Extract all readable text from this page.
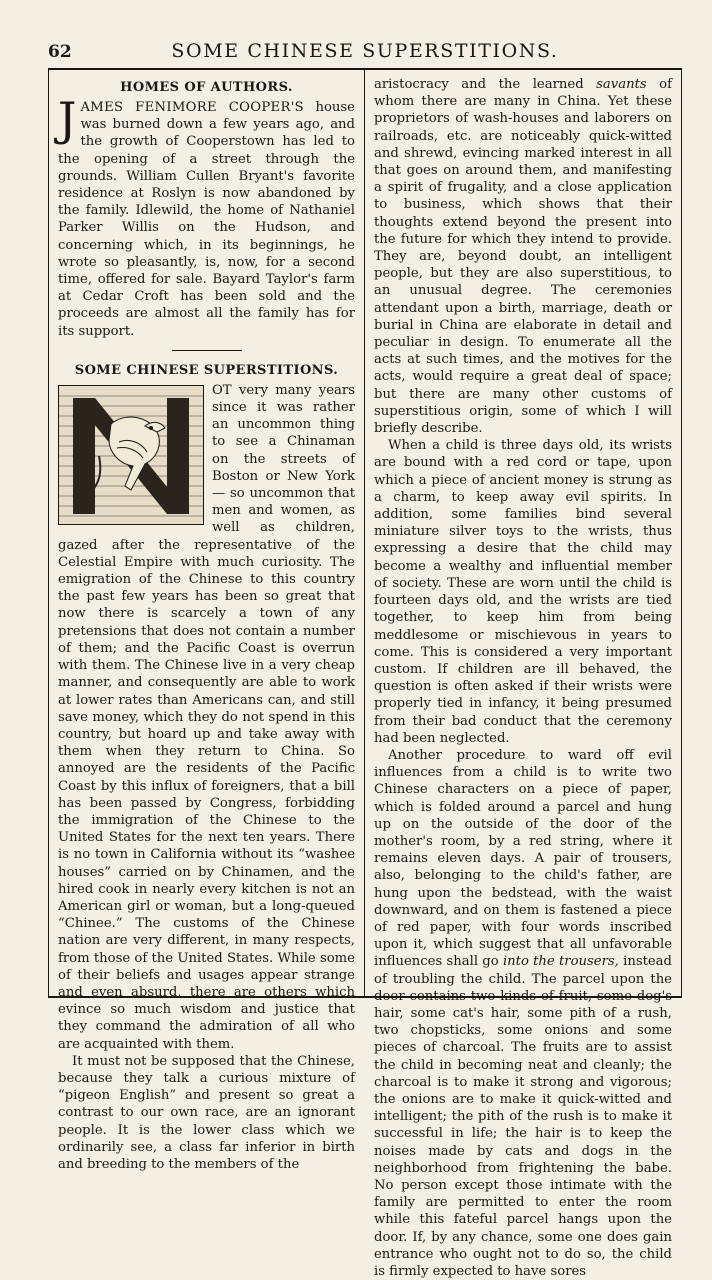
62	SOME CHINESE SUPERSTITIONS.
HOMES OF AUTHORS.

JAMES FENIMORE COOPER'S house was burned down a few years ago, and the growth of Cooperstown has led to the opening of a street through the grounds. William Cullen Bryant's favorite residence at Roslyn is now abandoned by the family. Idlewild, the home of Nathaniel Parker Willis on the Hudson, and concerning which, in its beginnings, he wrote so pleasantly, is, now, for a second time, offered for sale. Bayard Taylor's farm at Cedar Croft has been sold and the proceeds are almost all the family has for its support.

SOME CHINESE SUPERSTITIONS.

OT very many years since it was rather an uncommon thing to see a Chinaman on the streets of Boston or New York — so uncommon that men and women, as well as children, gazed after the representative of the Celestial Empire with much curiosity. The emigration of the Chinese to this country the past few years has been so great that now there is scarcely a town of any pretensions that does not contain a number of them; and the Pacific Coast is overrun with them. The Chinese live in a very cheap manner, and consequently are able to work at lower rates than Americans can, and still save money, which they do not spend in this country, but hoard up and take away with them when they return to China. So annoyed are the residents of the Pacific Coast by this influx of foreigners, that a bill has been passed by Congress, forbidding the immigration of the Chinese to the United States for the next ten years. There is no town in California without its “washee houses” carried on by Chinamen, and the hired cook in nearly every kitchen is not an American girl or woman, but a long-queued “Chinee.” The customs of the Chinese nation are very different, in many respects, from those of the United States. While some of their beliefs and usages appear strange and even absurd, there are others which evince so much wisdom and justice that they command the admiration of all who are acquainted with them.

It must not be supposed that the Chinese, because they talk a curious mixture of “pigeon English” and present so great a contrast to our own race, are an ignorant people. It is the lower class which we ordinarily see, a class far inferior in birth and breeding to the members of the

aristocracy and the learned savants of whom there are many in China. Yet these proprietors of wash-houses and laborers on railroads, etc. are noticeably quick-witted and shrewd, evincing marked interest in all that goes on around them, and manifesting a spirit of frugality, and a close application to business, which shows that their thoughts extend beyond the present into the future for which they intend to provide. They are, beyond doubt, an intelligent people, but they are also superstitious, to an unusual degree. The ceremonies attendant upon a birth, marriage, death or burial in China are elaborate in detail and peculiar in design. To enumerate all the acts at such times, and the motives for the acts, would require a great deal of space; but there are many other customs of superstitious origin, some of which I will briefly describe.

When a child is three days old, its wrists are bound with a red cord or tape, upon which a piece of ancient money is strung as a charm, to keep away evil spirits. In addition, some families bind several miniature silver toys to the wrists, thus expressing a desire that the child may become a wealthy and influential member of society. These are worn until the child is fourteen days old, and the wrists are tied together, to keep him from being meddlesome or mischievous in years to come. This is considered a very important custom. If children are ill behaved, the question is often asked if their wrists were properly tied in infancy, it being presumed from their bad conduct that the ceremony had been neglected.

Another procedure to ward off evil influences from a child is to write two Chinese characters on a piece of paper, which is folded around a parcel and hung up on the outside of the door of the mother's room, by a red string, where it remains eleven days. A pair of trousers, also, belonging to the child's father, are hung upon the bedstead, with the waist downward, and on them is fastened a piece of red paper, with four words inscribed upon it, which suggest that all unfavorable influences shall go into the trousers, instead of troubling the child. The parcel upon the door contains two kinds of fruit, some dog's hair, some cat's hair, some pith of a rush, two chopsticks, some onions and some pieces of charcoal. The fruits are to assist the child in becoming neat and cleanly; the charcoal is to make it strong and vigorous; the onions are to make it quick-witted and intelligent; the pith of the rush is to make it successful in life; the hair is to keep the noises made by cats and dogs in the neighborhood from frightening the babe. No person except those intimate with the family are permitted to enter the room while this fateful parcel hangs upon the door. If, by any chance, some one does gain entrance who ought not to do so, the child is firmly expected to have sores
